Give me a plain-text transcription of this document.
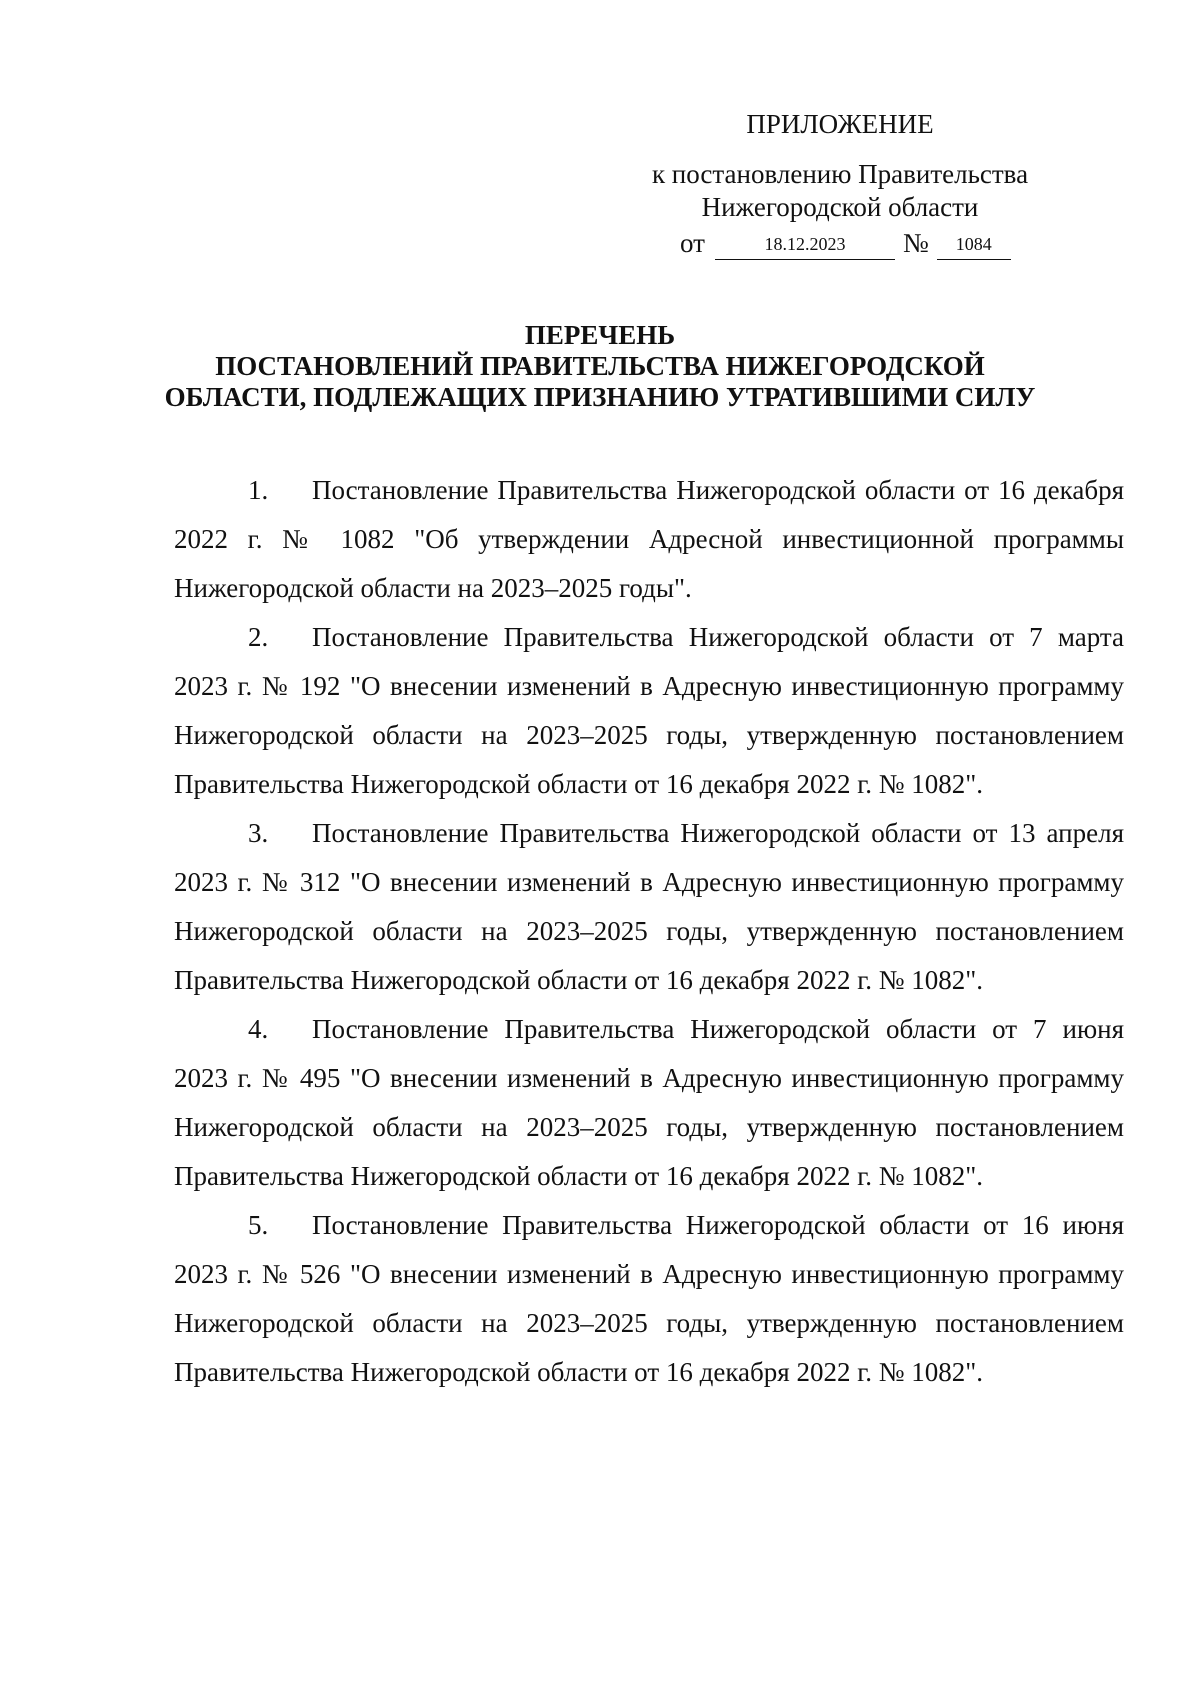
ПРИЛОЖЕНИЕ
к постановлению Правительства
Нижегородской области
от	18.12.2023	№	1084
ПЕРЕЧЕНЬ
ПОСТАНОВЛЕНИЙ ПРАВИТЕЛЬСТВА НИЖЕГОРОДСКОЙ
ОБЛАСТИ, ПОДЛЕЖАЩИХ ПРИЗНАНИЮ УТРАТИВШИМИ СИЛУ

1. Постановление Правительства Нижегородской области от 16 декабря 2022 г. № 1082 "Об утверждении Адресной инвестиционной программы Нижегородской области на 2023–2025 годы".

2. Постановление Правительства Нижегородской области от 7 марта 2023 г. № 192 "О внесении изменений в Адресную инвестиционную программу Нижегородской области на 2023–2025 годы, утвержденную постановлением Правительства Нижегородской области от 16 декабря 2022 г. № 1082".

3. Постановление Правительства Нижегородской области от 13 апреля 2023 г. № 312 "О внесении изменений в Адресную инвестиционную программу Нижегородской области на 2023–2025 годы, утвержденную постановлением Правительства Нижегородской области от 16 декабря 2022 г. № 1082".

4. Постановление Правительства Нижегородской области от 7 июня 2023 г. № 495 "О внесении изменений в Адресную инвестиционную программу Нижегородской области на 2023–2025 годы, утвержденную постановлением Правительства Нижегородской области от 16 декабря 2022 г. № 1082".

5. Постановление Правительства Нижегородской области от 16 июня 2023 г. № 526 "О внесении изменений в Адресную инвестиционную программу Нижегородской области на 2023–2025 годы, утвержденную постановлением Правительства Нижегородской области от 16 декабря 2022 г. № 1082".
